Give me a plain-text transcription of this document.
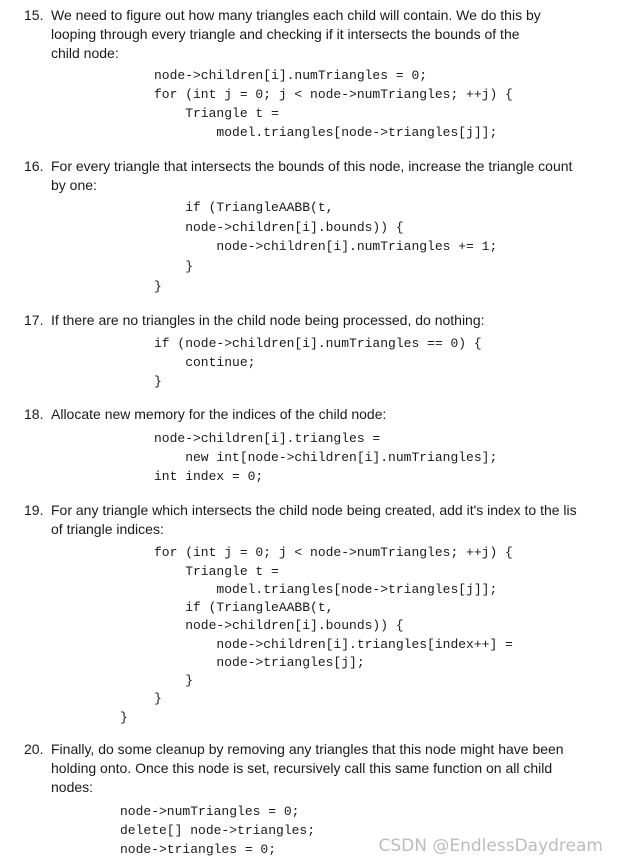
15. We need to figure out how many triangles each child will contain. We do this by
looping through every triangle and checking if it intersects the bounds of the
child node:
node->children[i].numTriangles = 0;
for (int j = 0; j < node->numTriangles; ++j) {
Triangle t =
model.triangles[node->triangles[j]];
16. For every triangle that intersects the bounds of this node, increase the triangle count
by one:
if (TriangleAABB(t,
node->children[i].bounds)) {
node->children[i].numTriangles += 1;
}
}
17. If there are no triangles in the child node being processed, do nothing:
if (node->children[i].numTriangles == 0) {
continue;
}
18. Allocate new memory for the indices of the child node:
node->children[i].triangles =
new int[node->children[i].numTriangles];
int index = 0;
19. For any triangle which intersects the child node being created, add it's index to the lis
of triangle indices:
for (int j = 0; j < node->numTriangles; ++j) {
Triangle t =
model.triangles[node->triangles[j]];
if (TriangleAABB(t,
node->children[i].bounds)) {
node->children[i].triangles[index++] =
node->triangles[j];
}
}
}
20. Finally, do some cleanup by removing any triangles that this node might have been
holding onto. Once this node is set, recursively call this same function on all child
nodes:
node->numTriangles = 0;
delete[] node->triangles;
node->triangles = 0;	CSDN @EndlessDaydream
